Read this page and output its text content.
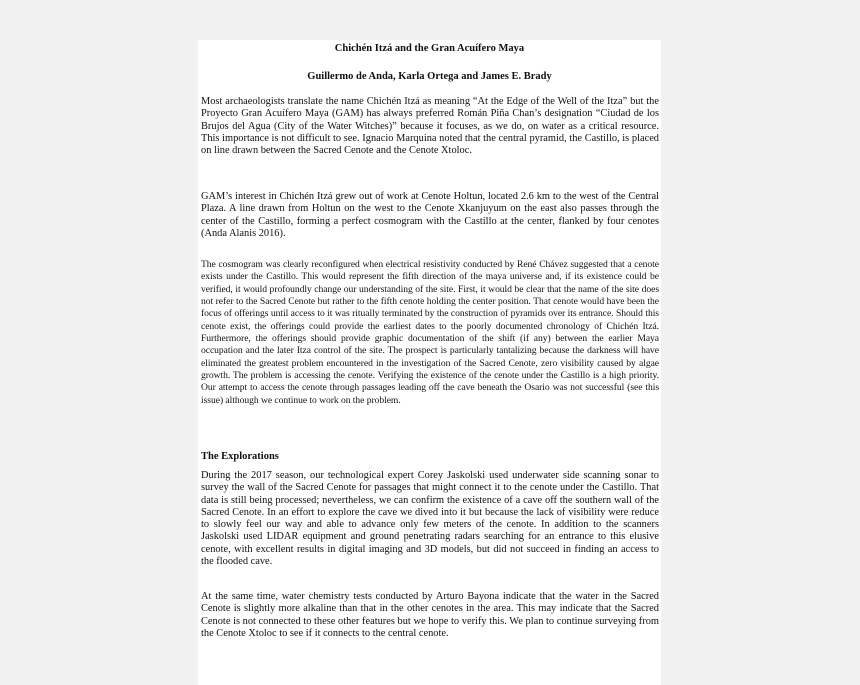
Chichén Itzá and the Gran Acuífero Maya
Guillermo de Anda, Karla Ortega and James E. Brady

Most archaeologists translate the name Chichén Itzá as meaning “At the Edge of the Well of the Itza” but the Proyecto Gran Acuífero Maya (GAM) has always preferred Román Piña Chan’s designation “Ciudad de los Brujos del Agua (City of the Water Witches)” because it focuses, as we do, on water as a critical resource. This importance is not difficult to see. Ignacio Marquina noted that the central pyramid, the Castillo, is placed on line drawn between the Sacred Cenote and the Cenote Xtoloc.

GAM’s interest in Chichén Itzá grew out of work at Cenote Holtun, located 2.6 km to the west of the Central Plaza. A line drawn from Holtun on the west to the Cenote Xkanjuyum on the east also passes through the center of the Castillo, forming a perfect cosmogram with the Castillo at the center, flanked by four cenotes (Anda Alanis 2016).

The cosmogram was clearly reconfigured when electrical resistivity conducted by René Chávez suggested that a cenote exists under the Castillo. This would represent the fifth direction of the maya universe and, if its existence could be verified, it would profoundly change our understanding of the site. First, it would be clear that the name of the site does not refer to the Sacred Cenote but rather to the fifth cenote holding the center position. That cenote would have been the focus of offerings until access to it was ritually terminated by the construction of pyramids over its entrance. Should this cenote exist, the offerings could provide the earliest dates to the poorly documented chronology of Chichén Itzá. Furthermore, the offerings should provide graphic documentation of the shift (if any) between the earlier Maya occupation and the later Itza control of the site. The prospect is particularly tantalizing because the darkness will have eliminated the greatest problem encountered in the investigation of the Sacred Cenote, zero visibility caused by algae growth. The problem is accessing the cenote. Verifying the existence of the cenote under the Castillo is a high priority. Our attempt to access the cenote through passages leading off the cave beneath the Osario was not successful (see this issue) although we continue to work on the problem.

The Explorations

During the 2017 season, our technological expert Corey Jaskolski used underwater side scanning sonar to survey the wall of the Sacred Cenote for passages that might connect it to the cenote under the Castillo. That data is still being processed; nevertheless, we can confirm the existence of a cave off the southern wall of the Sacred Cenote. In an effort to explore the cave we dived into it but because the lack of visibility were reduce to slowly feel our way and able to advance only few meters of the cenote. In addition to the scanners Jaskolski used LIDAR equipment and ground penetrating radars searching for an entrance to this elusive cenote, with excellent results in digital imaging and 3D models, but did not succeed in finding an access to the flooded cave.

At the same time, water chemistry tests conducted by Arturo Bayona indicate that the water in the Sacred Cenote is slightly more alkaline than that in the other cenotes in the area. This may indicate that the Sacred Cenote is not connected to these other features but we hope to verify this. We plan to continue surveying from the Cenote Xtoloc to see if it connects to the central cenote.
